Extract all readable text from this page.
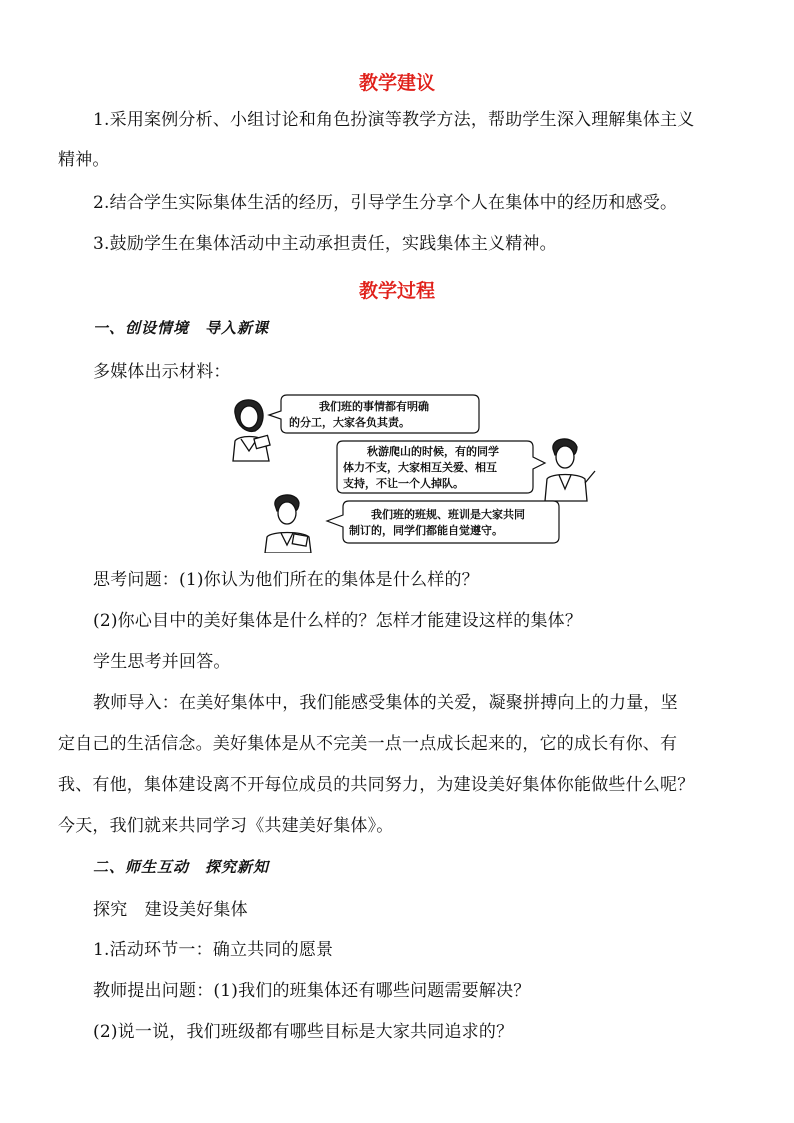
教学建议
1.采用案例分析、小组讨论和角色扮演等教学方法，帮助学生深入理解集体主义
精神。
2.结合学生实际集体生活的经历，引导学生分享个人在集体中的经历和感受。
3.鼓励学生在集体活动中主动承担责任，实践集体主义精神。
教学过程
一、创设情境　导入新课
多媒体出示材料：
我们班的事情都有明确
的分工，大家各负其责。
秋游爬山的时候，有的同学
体力不支，大家相互关爱、相互
支持，不让一个人掉队。
我们班的班规、班训是大家共同
制订的，同学们都能自觉遵守。
思考问题：(1)你认为他们所在的集体是什么样的？
(2)你心目中的美好集体是什么样的？怎样才能建设这样的集体？
学生思考并回答。
教师导入：在美好集体中，我们能感受集体的关爱，凝聚拼搏向上的力量，坚
定自己的生活信念。美好集体是从不完美一点一点成长起来的，它的成长有你、有
我、有他，集体建设离不开每位成员的共同努力，为建设美好集体你能做些什么呢？
今天，我们就来共同学习《共建美好集体》。
二、师生互动　探究新知
探究　建设美好集体
1.活动环节一：确立共同的愿景
教师提出问题：(1)我们的班集体还有哪些问题需要解决？
(2)说一说，我们班级都有哪些目标是大家共同追求的？
